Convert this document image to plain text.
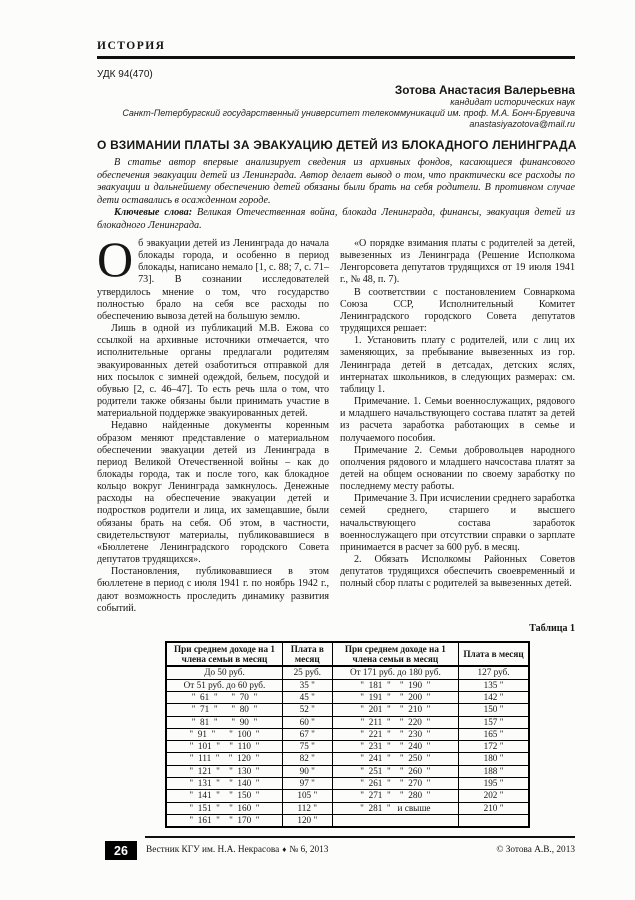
ИСТОРИЯ
УДК 94(470)
Зотова Анастасия Валерьевна
кандидат исторических наук
Санкт-Петербургский государственный университет телекоммуникаций им. проф. М.А. Бонч-Бруевича
anastasiyazotova@mail.ru
О ВЗИМАНИИ ПЛАТЫ ЗА ЭВАКУАЦИЮ ДЕТЕЙ ИЗ БЛОКАДНОГО ЛЕНИНГРАДА

В статье автор впервые анализирует сведения из архивных фондов, касающиеся финансового обеспечения эвакуации детей из Ленинграда. Автор делает вывод о том, что практически все расходы по эвакуации и дальнейшему обеспечению детей обязаны были брать на себя родители. В противном случае дети оставались в осажденном городе.

Ключевые слова: Великая Отечественная война, блокада Ленинграда, финансы, эвакуация детей из блокадного Ленинграда.

Об эвакуации детей из Ленинграда до начала блокады города, и особенно в период блокады, написано немало [1, с. 88; 7, с. 71–73]. В сознании исследователей утвердилось мнение о том, что государство полностью брало на себя все расходы по обеспечению вывоза детей на большую землю.

Лишь в одной из публикаций М.В. Ежова со ссылкой на архивные источники отмечается, что исполнительные органы предлагали родителям эвакуированных детей озаботиться отправкой для них посылок с зимней одеждой, бельем, посудой и обувью [2, с. 46–47]. То есть речь шла о том, что родители также обязаны были принимать участие в материальной поддержке эвакуированных детей.

Недавно найденные документы коренным образом меняют представление о материальном обеспечении эвакуации детей из Ленинграда в период Великой Отечественной войны – как до блокады города, так и после того, как блокадное кольцо вокруг Ленинграда замкнулось. Денежные расходы на обеспечение эвакуации детей и подростков родители и лица, их замещавшие, были обязаны брать на себя. Об этом, в частности, свидетельствуют материалы, публиковавшиеся в «Бюллетене Ленинградского городского Совета депутатов трудящихся».

Постановления, публиковавшиеся в этом бюллетене в период с июля 1941 г. по ноябрь 1942 г., дают возможность проследить динамику развития событий.

«О порядке взимания платы с родителей за детей, вывезенных из Ленинграда (Решение Исполкома Ленгорсовета депутатов трудящихся от 19 июля 1941 г., № 48, п. 7).

В соответствии с постановлением Совнаркома Союза ССР, Исполнительный Комитет Ленинградского городского Совета депутатов трудящихся решает:

1. Установить плату с родителей, или с лиц их заменяющих, за пребывание вывезенных из гор. Ленинграда детей в детсадах, детских яслях, интернатах школьников, в следующих размерах: см. таблицу 1.

Примечание. 1. Семьи военнослужащих, рядового и младшего начальствующего состава платят за детей из расчета заработка работающих в семье и получаемого пособия.

Примечание 2. Семьи добровольцев народного ополчения рядового и младшего начсостава платят за детей на общем основании по своему заработку по последнему месту работы.

Примечание 3. При исчислении среднего заработка семей среднего, старшего и высшего начальствующего состава заработок военнослужащего при отсутствии справки о зарплате принимается в расчет за 600 руб. в месяц.

2. Обязать Исполкомы Районных Советов депутатов трудящихся обеспечить своевременный и полный сбор платы с родителей за вывезенных детей.

Таблица 1
При среднем доходе на 1 члена семьи в месяц	Плата в месяц	При среднем доходе на 1 члена семьи в месяц	Плата в месяц
До 50 руб.	25 руб.	От 171 руб. до 180 руб.	127 руб.
От 51 руб. до 60 руб.	35 "	"  181  "    "  190  "	135 "
"  61  "      "  70  "	45 "	"  191  "    "  200  "	142 "
"  71  "      "  80  "	52 "	"  201  "    "  210  "	150 "
"  81  "      "  90  "	60 "	"  211  "    "  220  "	157 "
"  91  "      "  100  "	67 "	"  221  "    "  230  "	165 "
"  101  "    "  110  "	75 "	"  231  "    "  240  "	172 "
"  111  "    "  120  "	82 "	"  241  "    "  250  "	180 "
"  121  "    "  130  "	90 "	"  251  "    "  260  "	188 "
"  131  "    "  140  "	97 "	"  261  "    "  270  "	195 "
"  141  "    "  150  "	105 "	"  271  "    "  280  "	202 "
"  151  "    "  160  "	112 "	"  281  "   и свыше	210 "
"  161  "    "  170  "	120 "		
26	Вестник КГУ им. Н.А. Некрасова ♦ № 6, 2013	© Зотова А.В., 2013
